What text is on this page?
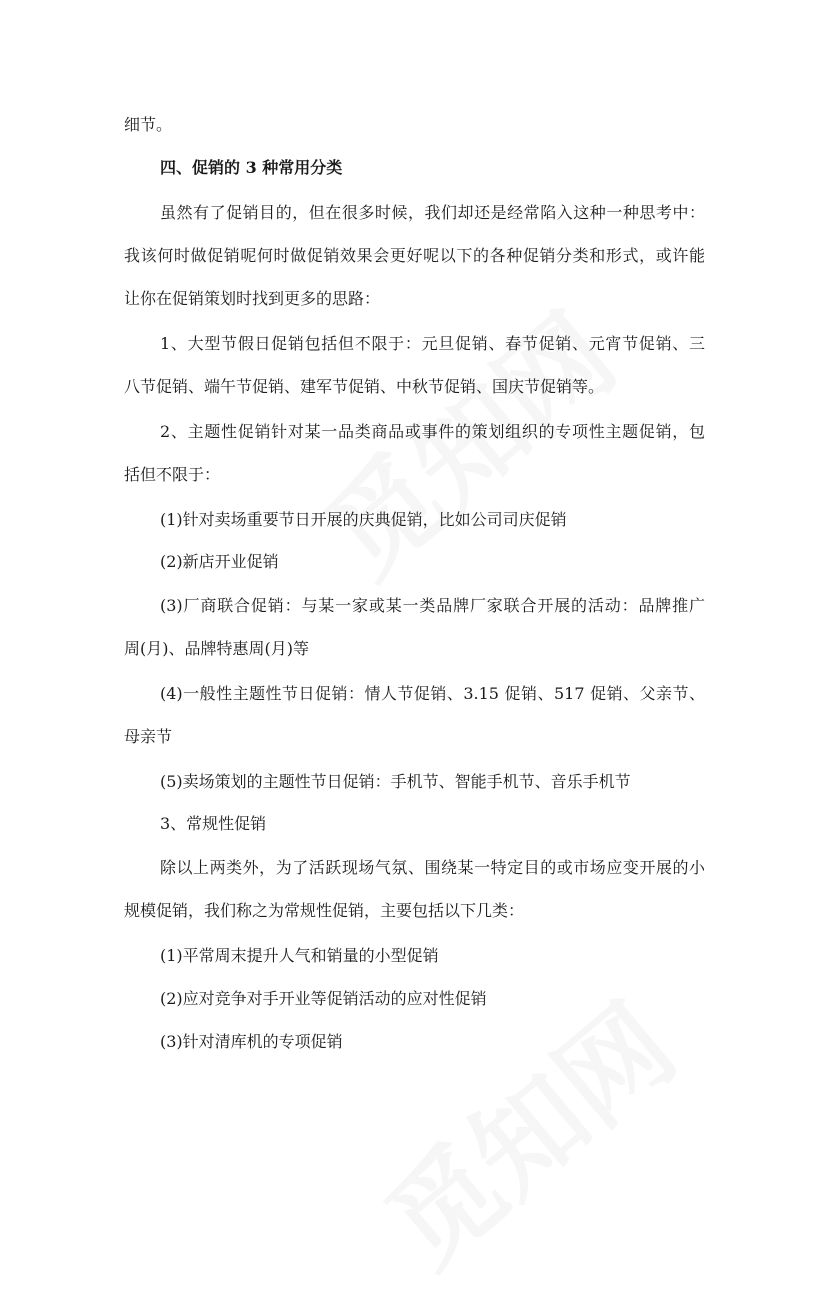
细节。
四、促销的 3 种常用分类
虽然有了促销目的，但在很多时候，我们却还是经常陷入这种一种思考中：
我该何时做促销呢何时做促销效果会更好呢以下的各种促销分类和形式，或许能
让你在促销策划时找到更多的思路：
1、大型节假日促销包括但不限于：元旦促销、春节促销、元宵节促销、三
八节促销、端午节促销、建军节促销、中秋节促销、国庆节促销等。
2、主题性促销针对某一品类商品或事件的策划组织的专项性主题促销，包
括但不限于：
(1)针对卖场重要节日开展的庆典促销，比如公司司庆促销
(2)新店开业促销
(3)厂商联合促销：与某一家或某一类品牌厂家联合开展的活动：品牌推广
周(月)、品牌特惠周(月)等
(4)一般性主题性节日促销：情人节促销、3.15 促销、517 促销、父亲节、
母亲节
(5)卖场策划的主题性节日促销：手机节、智能手机节、音乐手机节
3、常规性促销
除以上两类外，为了活跃现场气氛、围绕某一特定目的或市场应变开展的小
规模促销，我们称之为常规性促销，主要包括以下几类：
(1)平常周末提升人气和销量的小型促销
(2)应对竞争对手开业等促销活动的应对性促销
(3)针对清库机的专项促销
